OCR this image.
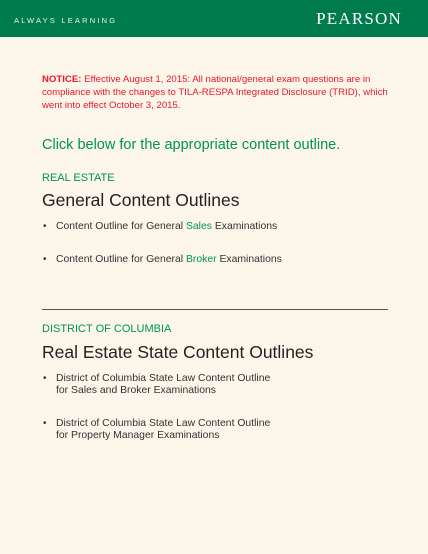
ALWAYS LEARNING	PEARSON
NOTICE: Effective August 1, 2015: All national/general exam questions are in compliance with the changes to TILA-RESPA Integrated Disclosure (TRID), which went into effect October 3, 2015.
Click below for the appropriate content outline.
REAL ESTATE
General Content Outlines
• Content Outline for General Sales Examinations
• Content Outline for General Broker Examinations
DISTRICT OF COLUMBIA
Real Estate State Content Outlines
• District of Columbia State Law Content Outline
for Sales and Broker Examinations
• District of Columbia State Law Content Outline
for Property Manager Examinations
